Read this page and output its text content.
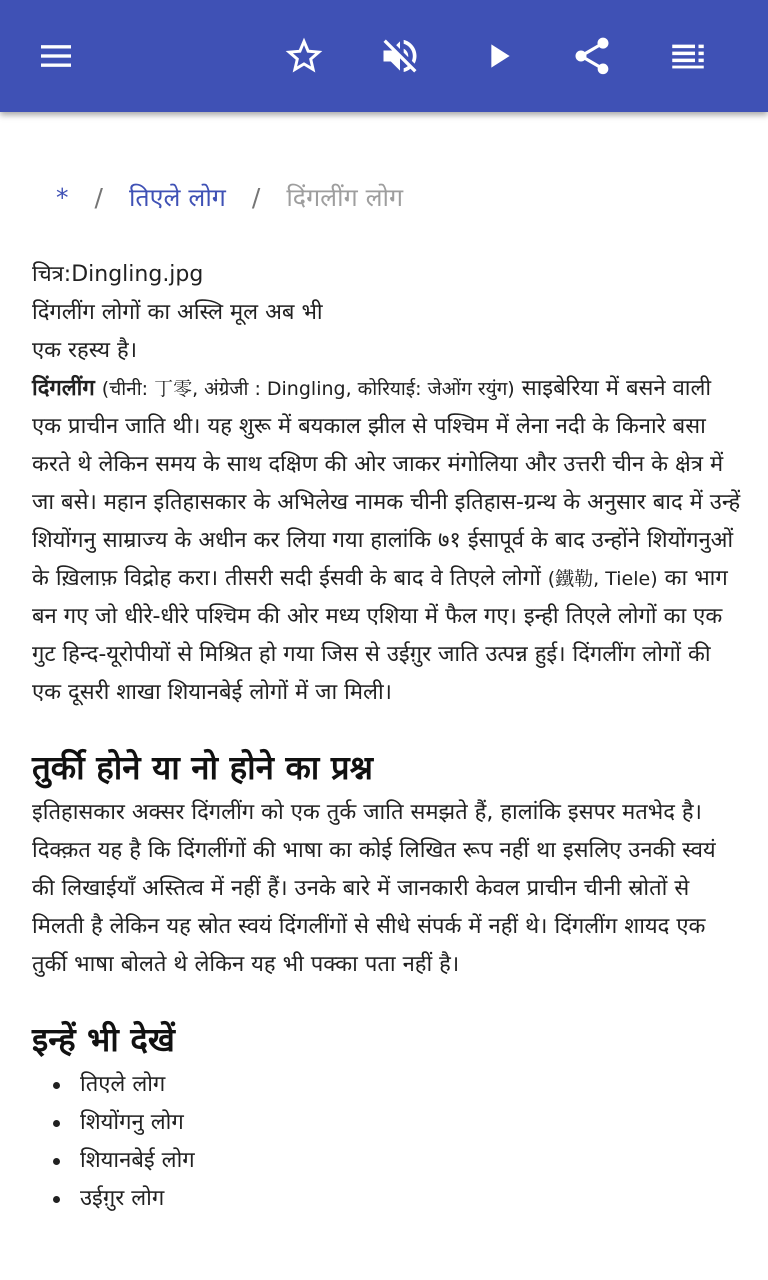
* / तिएले लोग / दिंगलींग लोग

चित्र:Dingling.jpg

दिंगलींग लोगों का अस्लि मूल अब भी

एक रहस्य है।

दिंगलींग (चीनी: 丁零, अंग्रेजी : Dingling, कोरियाई: जेओंग रयुंग) साइबेरिया में बसने वाली एक प्राचीन जाति थी। यह शुरू में बयकाल झील से पश्चिम में लेना नदी के किनारे बसा करते थे लेकिन समय के साथ दक्षिण की ओर जाकर मंगोलिया और उत्तरी चीन के क्षेत्र में जा बसे। महान इतिहासकार के अभिलेख नामक चीनी इतिहास-ग्रन्थ के अनुसार बाद में उन्हें शियोंगनु साम्राज्य के अधीन कर लिया गया हालांकि ७१ ईसापूर्व के बाद उन्होंने शियोंगनुओं के ख़िलाफ़ विद्रोह करा। तीसरी सदी ईसवी के बाद वे तिएले लोगों (鐵勒, Tiele) का भाग बन गए जो धीरे-धीरे पश्चिम की ओर मध्य एशिया में फैल गए। इन्ही तिएले लोगों का एक गुट हिन्द-यूरोपीयों से मिश्रित हो गया जिस से उईग़ुर जाति उत्पन्न हुई। दिंगलींग लोगों की एक दूसरी शाखा शियानबेई लोगों में जा मिली।

तुर्की होने या नो होने का प्रश्न

इतिहासकार अक्सर दिंगलींग को एक तुर्क जाति समझते हैं, हालांकि इसपर मतभेद है। दिक्क़त यह है कि दिंगलींगों की भाषा का कोई लिखित रूप नहीं था इसलिए उनकी स्वयं की लिखाईयाँ अस्तित्व में नहीं हैं। उनके बारे में जानकारी केवल प्राचीन चीनी स्रोतों से मिलती है लेकिन यह स्रोत स्वयं दिंगलींगों से सीधे संपर्क में नहीं थे। दिंगलींग शायद एक तुर्की भाषा बोलते थे लेकिन यह भी पक्का पता नहीं है।

इन्हें भी देखें
तिएले लोग
शियोंगनु लोग
शियानबेई लोग
उईग़ुर लोग
